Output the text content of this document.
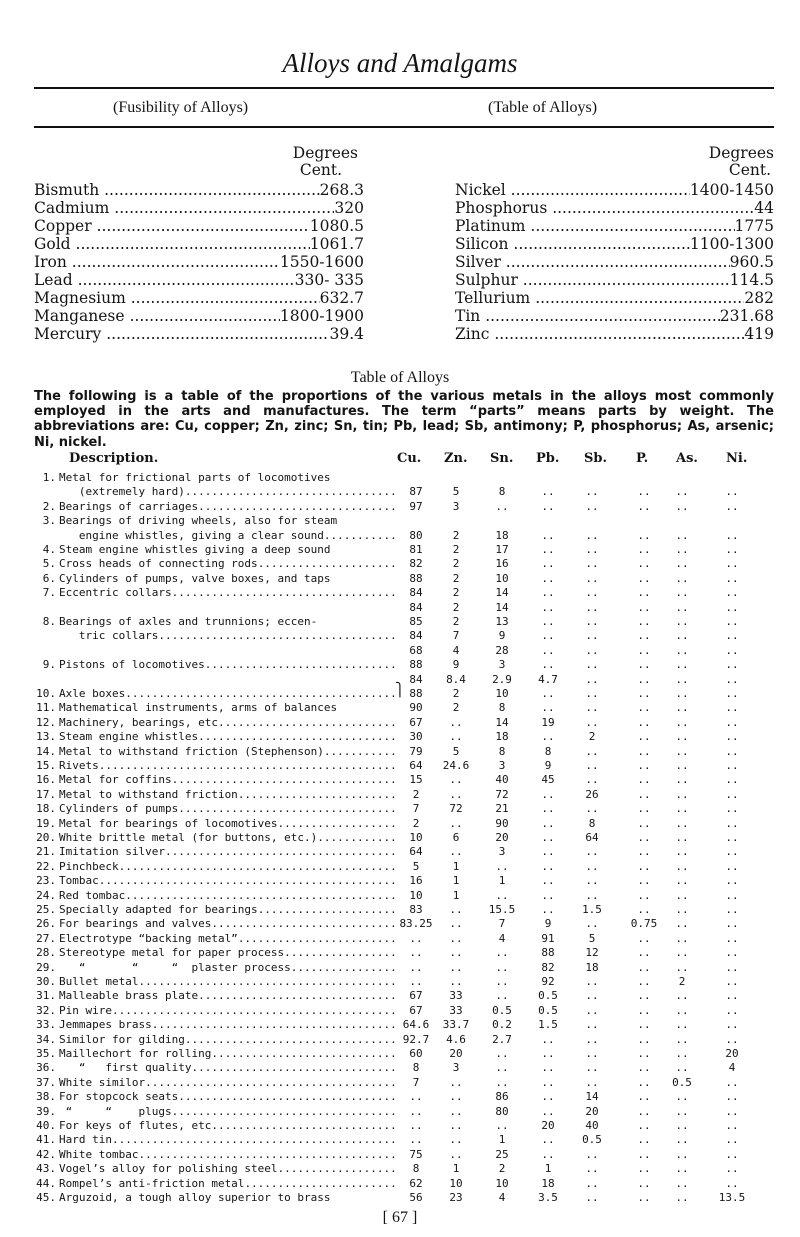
Alloys and Amalgams
(Fusibility of Alloys)	(Table of Alloys)
Degrees
Cent.
Bismuth .....	268.3
Cadmium .....	320
Copper .....	1080.5
Gold .....	1061.7
Iron .....	1550-1600
Lead .....	330- 335
Magnesium .....	632.7
Manganese .....	1800-1900
Mercury .....	39.4
Degrees
Cent.
Nickel .....	1400-1450
Phosphorus .....	44
Platinum .....	1775
Silicon .....	1100-1300
Silver .....	960.5
Sulphur .....	114.5
Tellurium .....	282
Tin .....	231.68
Zinc .....	419
Table of Alloys
The following is a table of the proportions of the various metals in the alloys most commonly employed in the arts and manufactures. The term “parts” means parts by weight. The abbreviations are: Cu, copper; Zn, zinc; Sn, tin; Pb, lead; Sb, antimony; P, phosphorus; As, arsenic; Ni, nickel.
Description.	Cu. Zn. Sn. Pb. Sb. P. As. Ni.
1. Metal for frictional parts of locomotives
(extremely hard) .....	87	5	8	..	..	..	..	..
2. Bearings of carriages .....	97	3	..	..	..	..	..	..
3. Bearings of driving wheels, also for steam
engine whistles, giving a clear sound .....	80	2	18	..	..	..	..	..
4. Steam engine whistles giving a deep sound	81	2	17	..	..	..	..	..
5. Cross heads of connecting rods .....	82	2	16	..	..	..	..	..
6. Cylinders of pumps, valve boxes, and taps	88	2	10	..	..	..	..	..
7. Eccentric collars .....	84	2	14	..	..	..	..	..
84	2	14	..	..	..	..	..
8. Bearings of axles and trunnions; eccen-	85	2	13	..	..	..	..	..
tric collars .....	84	7	9	..	..	..	..	..
68	4	28	..	..	..	..	..
9. Pistons of locomotives .....	88	9	3	..	..	..	..	..
84	8.4	2.9	4.7	..	..	..	..
10. Axle boxes .....	88	2	10	..	..	..	..	..
11. Mathematical instruments, arms of balances	90	2	8	..	..	..	..	..
12. Machinery, bearings, etc .....	67	..	14	19	..	..	..	..
13. Steam engine whistles .....	30	..	18	..	2	..	..	..
14. Metal to withstand friction (Stephenson) .....	79	5	8	8	..	..	..	..
15. Rivets .....	64	24.6	3	9	..	..	..	..
16. Metal for coffins .....	15	..	40	45	..	..	..	..
17. Metal to withstand friction .....	2	..	72	..	26	..	..	..
18. Cylinders of pumps .....	7	72	21	..	..	..	..	..
19. Metal for bearings of locomotives .....	2	..	90	..	8	..	..	..
20. White brittle metal (for buttons, etc.) .....	10	6	20	..	64	..	..	..
21. Imitation silver .....	64	..	3	..	..	..	..	..
22. Pinchbeck .....	5	1	..	..	..	..	..	..
23. Tombac .....	16	1	1	..	..	..	..	..
24. Red tombac .....	10	1	..	..	..	..	..	..
25. Specially adapted for bearings .....	83	..	15.5	..	1.5	..	..	..
26. For bearings and valves .....	83.25	..	7	9	..	0.75	..	..
27. Electrotype “backing metal” .....	..	..	4	91	5	..	..	..
28. Stereotype metal for paper process .....	..	..	..	88	12	..	..	..
29. “       “     “  plaster process .....	..	..	..	82	18	..	..	..
30. Bullet metal .....	..	..	..	92	..	..	2	..
31. Malleable brass plate .....	67	33	..	0.5	..	..	..	..
32. Pin wire .....	67	33	0.5	0.5	..	..	..	..
33. Jemmapes brass .....	64.6	33.7	0.2	1.5	..	..	..	..
34. Similor for gilding .....	92.7	4.6	2.7	..	..	..	..	..
35. Maillechort for rolling .....	60	20	..	..	..	..	..	20
36. “   first quality .....	8	3	..	..	..	..	..	4
37. White similor .....	7	..	..	..	..	..	0.5	..
38. For stopcock seats .....	..	..	86	..	14	..	..	..
39. “     “    plugs .....	..	..	80	..	20	..	..	..
40. For keys of flutes, etc. .....	..	..	..	20	40	..	..	..
41. Hard tin .....	..	..	1	..	0.5	..	..	..
42. White tombac .....	75	..	25	..	..	..	..	..
43. Vogel’s alloy for polishing steel .....	8	1	2	1	..	..	..	..
44. Rompel’s anti-friction metal .....	62	10	10	18	..	..	..	..
45. Arguzoid, a tough alloy superior to brass	56	23	4	3.5	..	..	..	13.5
⎫
[ 67 ]
